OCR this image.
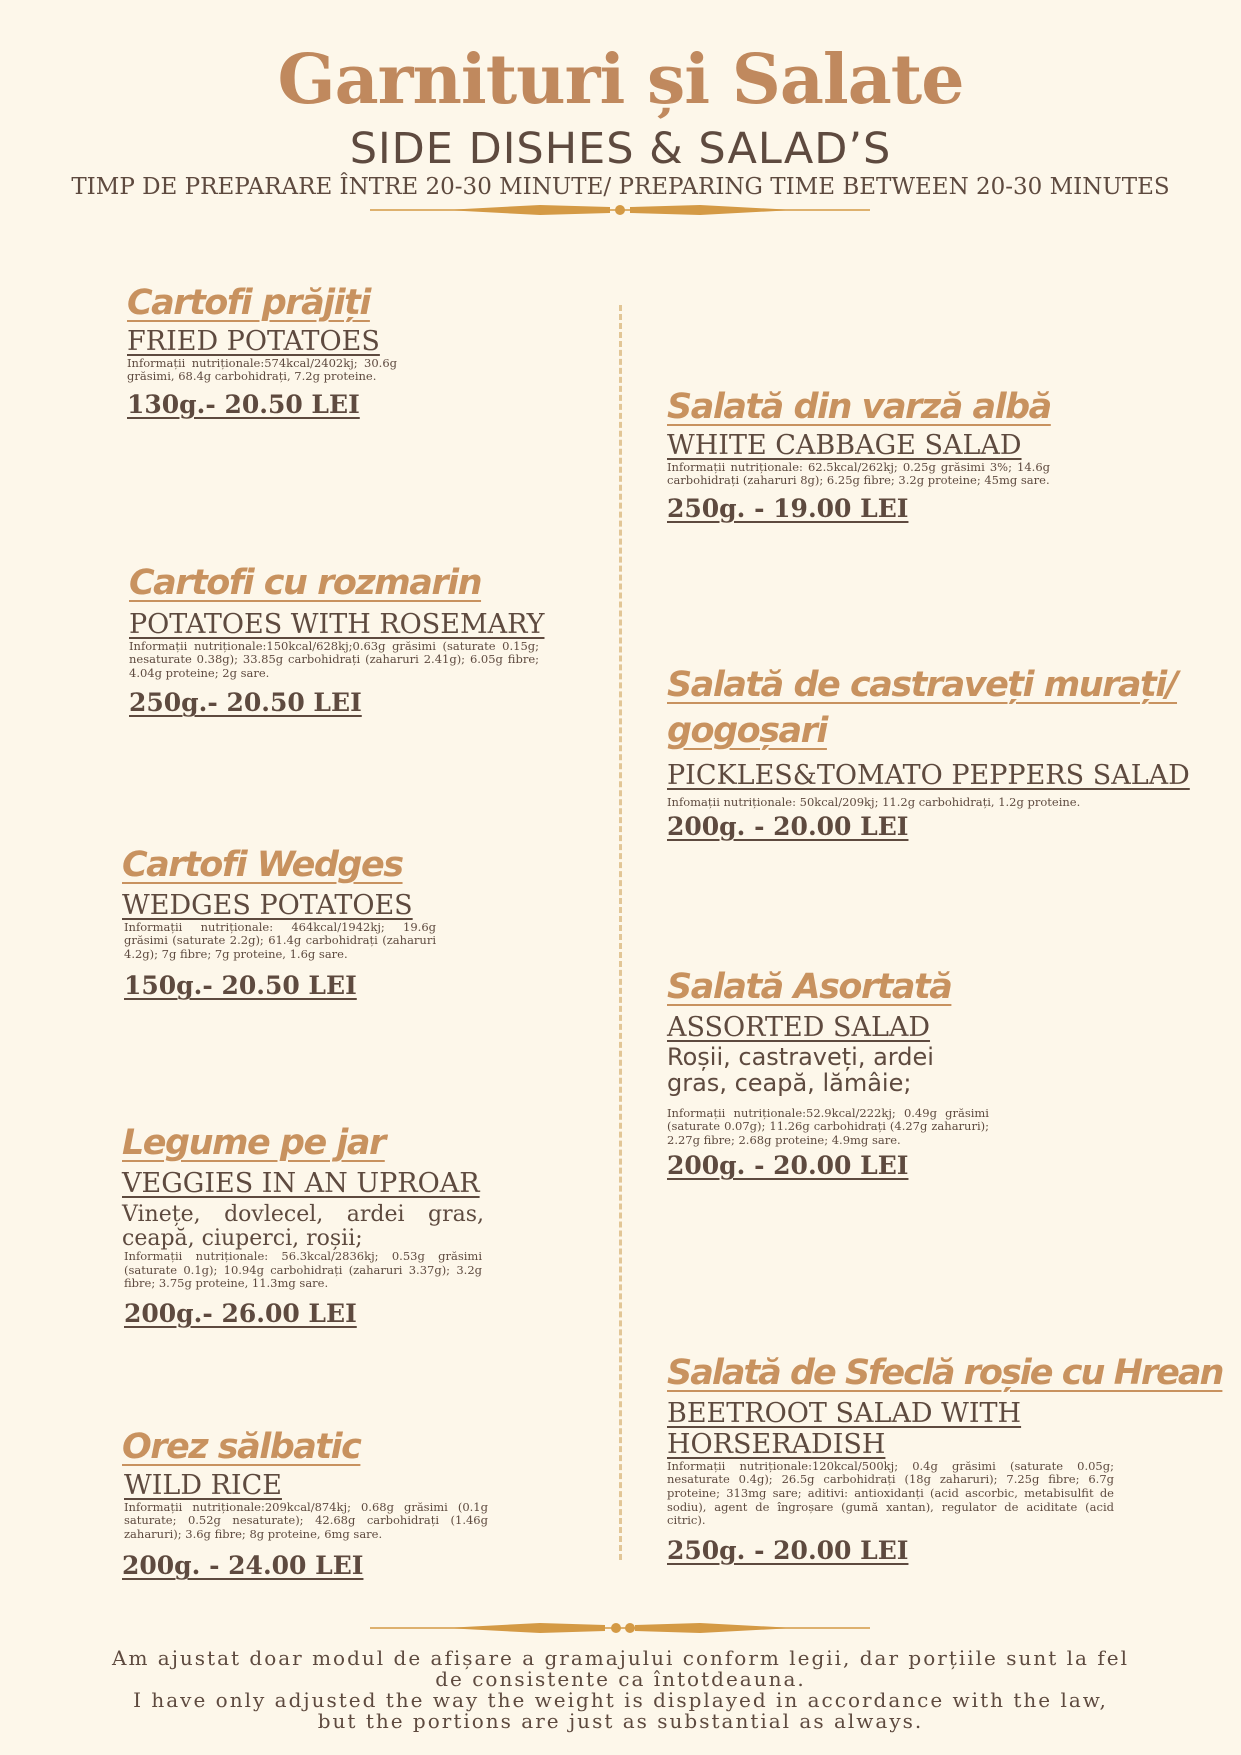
Garnituri și Salate
SIDE DISHES & SALAD’S
TIMP DE PREPARARE ÎNTRE 20-30 MINUTE/ PREPARING TIME BETWEEN 20-30 MINUTES
Cartofi prăjiți
FRIED POTATOES
Informații nutriționale:574kcal/2402kj; 30.6g grăsimi, 68.4g carbohidrați, 7.2g proteine.
130g.- 20.50 LEI
Cartofi cu rozmarin
POTATOES WITH ROSEMARY
Informații nutriționale:150kcal/628kj;0.63g grăsimi (saturate 0.15g; nesaturate 0.38g); 33.85g carbohidrați (zaharuri 2.41g); 6.05g fibre; 4.04g proteine; 2g sare.
250g.- 20.50 LEI
Cartofi Wedges
WEDGES POTATOES
Informații nutriționale: 464kcal/1942kj; 19.6g grăsimi (saturate 2.2g); 61.4g carbohidrați (zaharuri 4.2g); 7g fibre; 7g proteine, 1.6g sare.
150g.- 20.50 LEI
Legume pe jar
VEGGIES IN AN UPROAR
Vinețe, dovlecel, ardei gras, ceapă, ciuperci, roșii;
Informații nutriționale: 56.3kcal/2836kj; 0.53g grăsimi (saturate 0.1g); 10.94g carbohidrați (zaharuri 3.37g); 3.2g fibre; 3.75g proteine, 11.3mg sare.
200g.- 26.00 LEI
Orez sălbatic
WILD RICE
Informații nutriționale:209kcal/874kj; 0.68g grăsimi (0.1g saturate; 0.52g nesaturate); 42.68g carbohidrați (1.46g zaharuri); 3.6g fibre; 8g proteine, 6mg sare.
200g. - 24.00 LEI
Salată din varză albă
WHITE CABBAGE SALAD
Informații nutriționale: 62.5kcal/262kj; 0.25g grăsimi 3%; 14.6g carbohidrați (zaharuri 8g); 6.25g fibre; 3.2g proteine; 45mg sare.
250g. - 19.00 LEI
Salată de castraveți murați/
gogoșari
PICKLES&TOMATO PEPPERS SALAD
Infomații nutriționale: 50kcal/209kj; 11.2g carbohidrați, 1.2g proteine.
200g. - 20.00 LEI
Salată Asortată
ASSORTED SALAD
Roșii, castraveți, ardei gras, ceapă, lămâie;
Informații nutriționale:52.9kcal/222kj; 0.49g grăsimi (saturate 0.07g); 11.26g carbohidrați (4.27g zaharuri); 2.27g fibre; 2.68g proteine; 4.9mg sare.
200g. - 20.00 LEI
Salată de Sfeclă roșie cu Hrean
BEETROOT SALAD WITH
HORSERADISH
Informații nutriționale:120kcal/500kj; 0.4g grăsimi (saturate 0.05g; nesaturate 0.4g); 26.5g carbohidrați (18g zaharuri); 7.25g fibre; 6.7g proteine; 313mg sare; aditivi: antioxidanți (acid ascorbic, metabisulfit de sodiu), agent de îngroșare (gumă xantan), regulator de aciditate (acid citric).
250g. - 20.00 LEI
Am ajustat doar modul de afișare a gramajului conform legii, dar porțiile sunt la fel
de consistente ca întotdeauna.
I have only adjusted the way the weight is displayed in accordance with the law,
but the portions are just as substantial as always.
